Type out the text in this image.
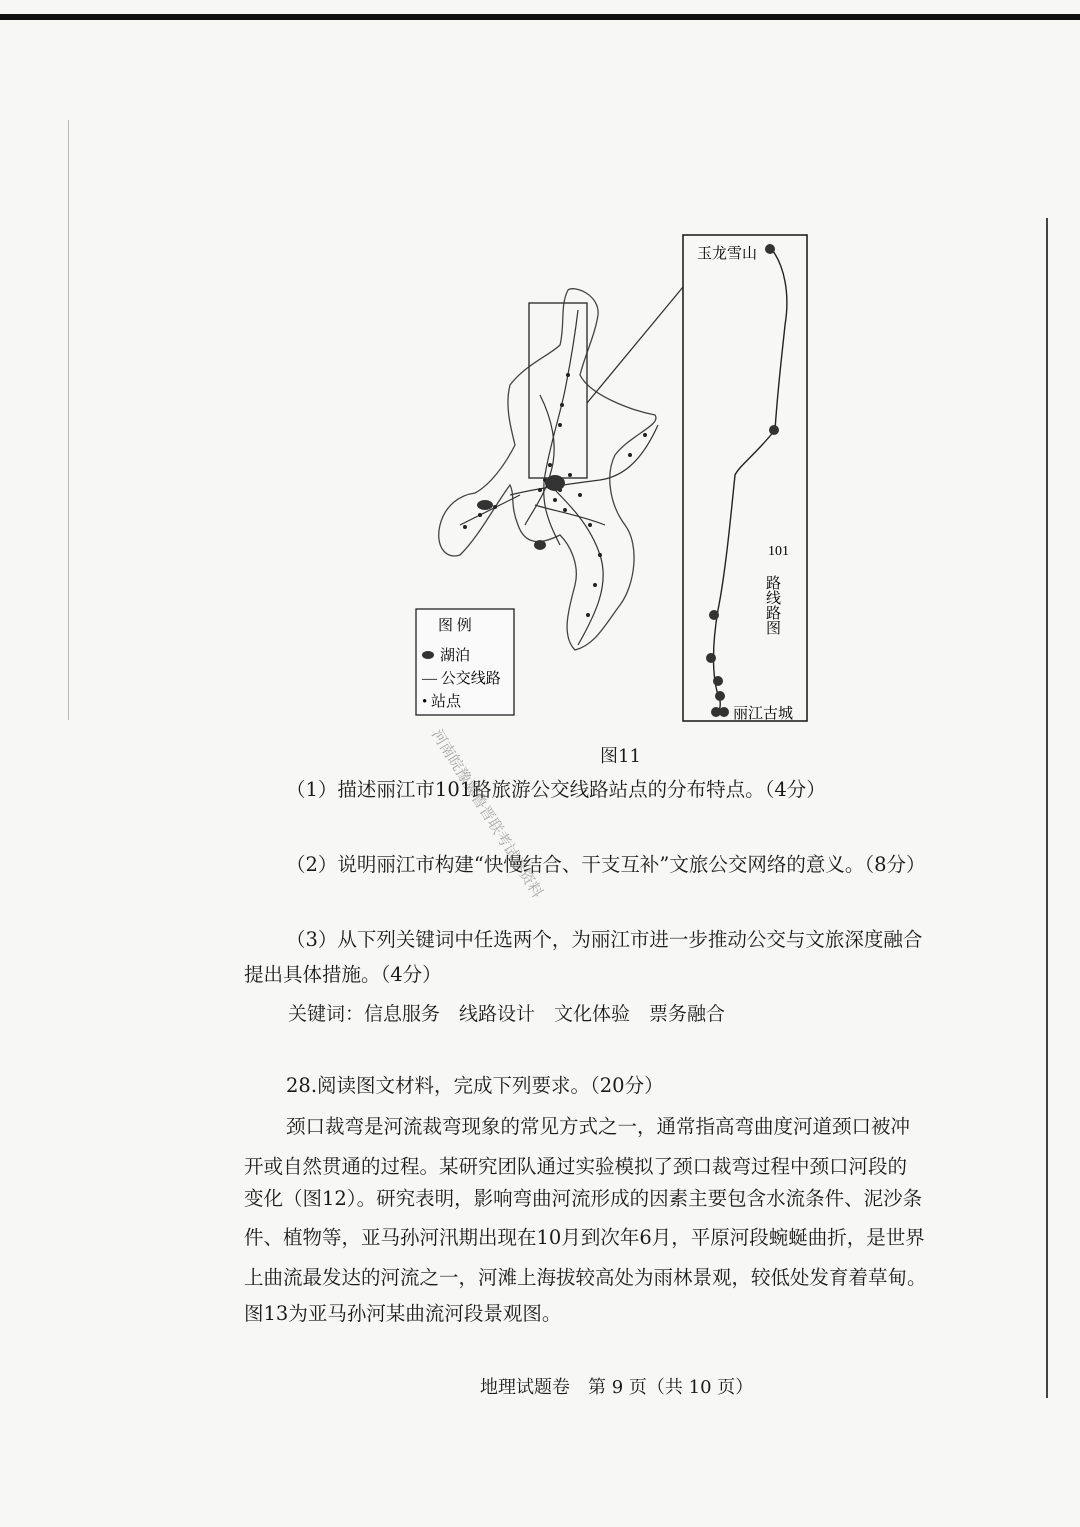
玉龙雪山
丽江古城
101
路线路图
图 例
湖泊
— 公交线路
• 站点
河南皖豫冀鲁晋联考试卷资料	图11
（1）描述丽江市101路旅游公交线路站点的分布特点。（4分）
（2）说明丽江市构建“快慢结合、干支互补”文旅公交网络的意义。（8分）
（3）从下列关键词中任选两个，为丽江市进一步推动公交与文旅深度融合
提出具体措施。（4分）
关键词：信息服务　线路设计　文化体验　票务融合
28.阅读图文材料，完成下列要求。（20分）
颈口裁弯是河流裁弯现象的常见方式之一，通常指高弯曲度河道颈口被冲
开或自然贯通的过程。某研究团队通过实验模拟了颈口裁弯过程中颈口河段的
变化（图12）。研究表明，影响弯曲河流形成的因素主要包含水流条件、泥沙条
件、植物等，亚马孙河汛期出现在10月到次年6月，平原河段蜿蜒曲折，是世界
上曲流最发达的河流之一，河滩上海拔较高处为雨林景观，较低处发育着草甸。
图13为亚马孙河某曲流河段景观图。
地理试题卷　第 9 页（共 10 页）
